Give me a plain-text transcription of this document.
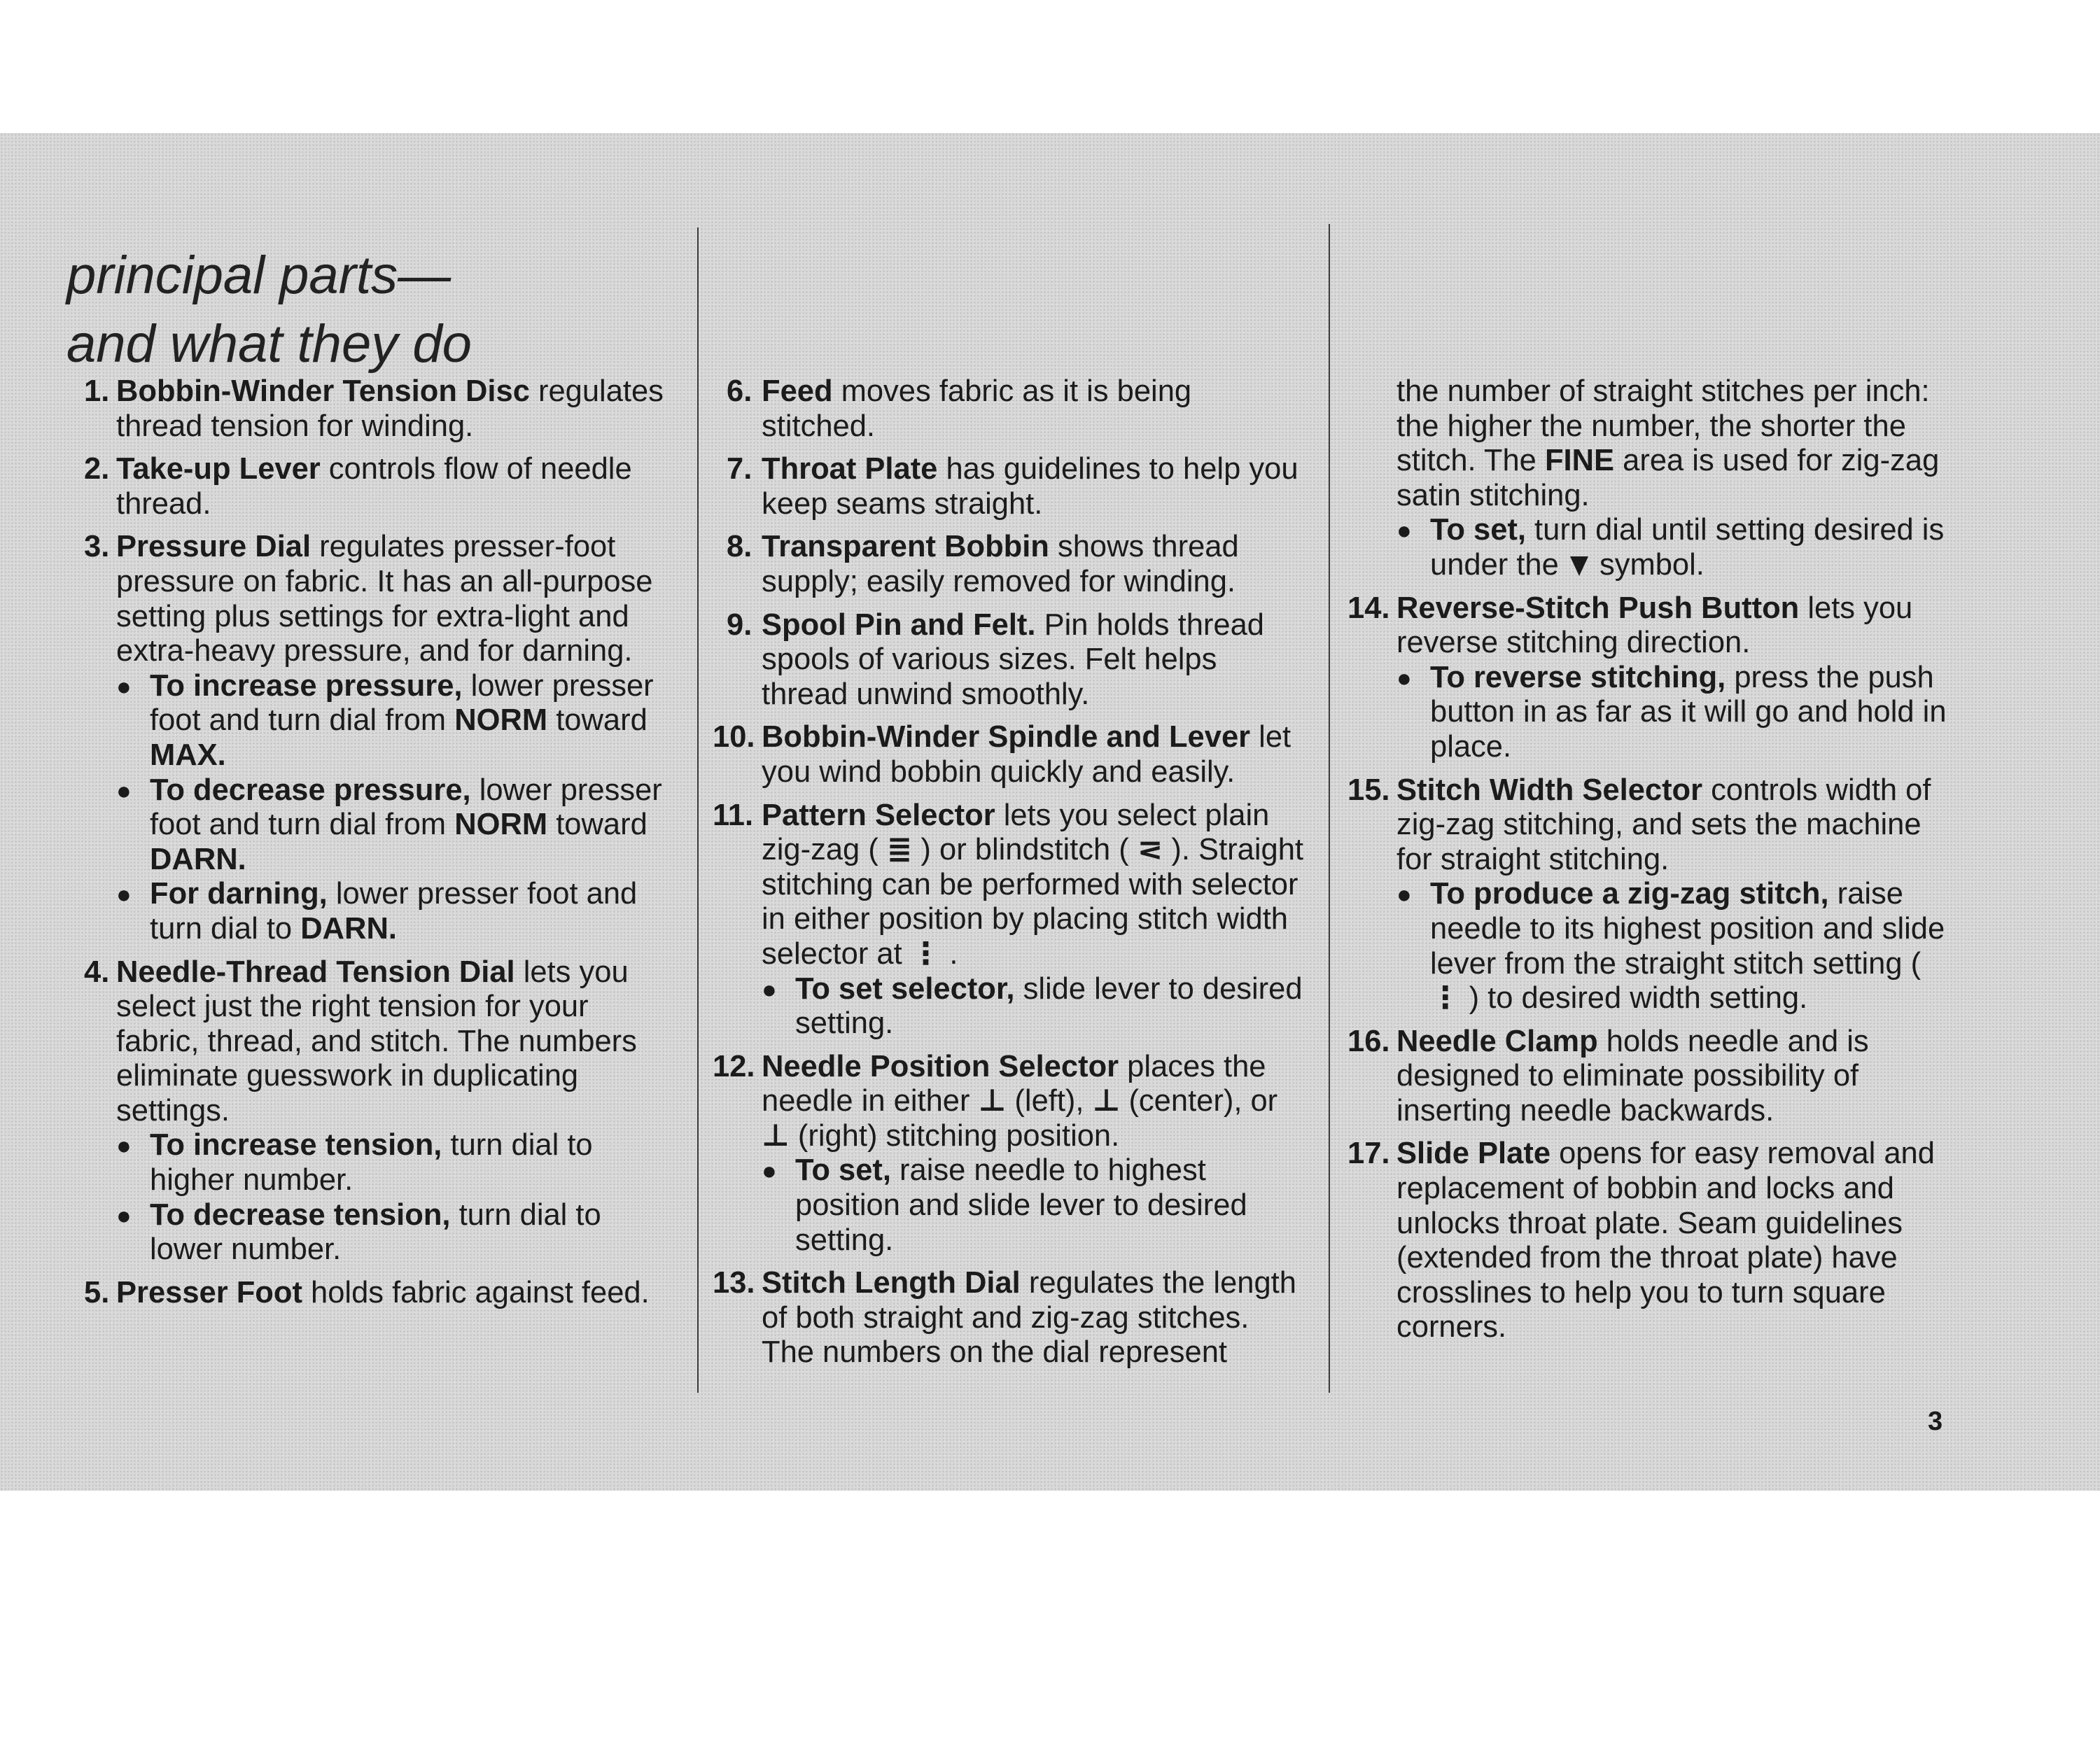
principal parts—
and what they do
1. Bobbin-Winder Tension Disc regulates thread tension for winding.
2. Take-up Lever controls flow of needle thread.
3. Pressure Dial regulates presser-foot pressure on fabric. It has an all-purpose setting plus settings for extra-light and extra-heavy pressure, and for darning.
● To increase pressure, lower presser foot and turn dial from NORM toward MAX.
● To decrease pressure, lower presser foot and turn dial from NORM toward DARN.
● For darning, lower presser foot and turn dial to DARN.
4. Needle-Thread Tension Dial lets you select just the right tension for your fabric, thread, and stitch. The numbers eliminate guesswork in duplicating settings.
● To increase tension, turn dial to higher number.
● To decrease tension, turn dial to lower number.
5. Presser Foot holds fabric against feed.
6. Feed moves fabric as it is being stitched.
7. Throat Plate has guidelines to help you keep seams straight.
8. Transparent Bobbin shows thread supply; easily removed for winding.
9. Spool Pin and Felt. Pin holds thread spools of various sizes. Felt helps thread unwind smoothly.
10. Bobbin-Winder Spindle and Lever let you wind bobbin quickly and easily.
11. Pattern Selector lets you select plain zig-zag ( ≣ ) or blindstitch ( ⋜ ). Straight stitching can be performed with selector in either position by placing stitch width selector at ⋮ .
● To set selector, slide lever to desired setting.
12. Needle Position Selector places the needle in either ⊥ (left), ⊥ (center), or ⊥ (right) stitching position.
● To set, raise needle to highest position and slide lever to desired setting.
13. Stitch Length Dial regulates the length of both straight and zig-zag stitches. The numbers on the dial represent
the number of straight stitches per inch: the higher the number, the shorter the stitch. The FINE area is used for zig-zag satin stitching.
● To set, turn dial until setting desired is under the  symbol.
14. Reverse-Stitch Push Button lets you reverse stitching direction.
● To reverse stitching, press the push button in as far as it will go and hold in place.
15. Stitch Width Selector controls width of zig-zag stitching, and sets the machine for straight stitching.
● To produce a zig-zag stitch, raise needle to its highest position and slide lever from the straight stitch setting ( ⋮ ) to desired width setting.
16. Needle Clamp holds needle and is designed to eliminate possibility of inserting needle backwards.
17. Slide Plate opens for easy removal and replacement of bobbin and locks and unlocks throat plate. Seam guidelines (extended from the throat plate) have crosslines to help you to turn square corners.
3
